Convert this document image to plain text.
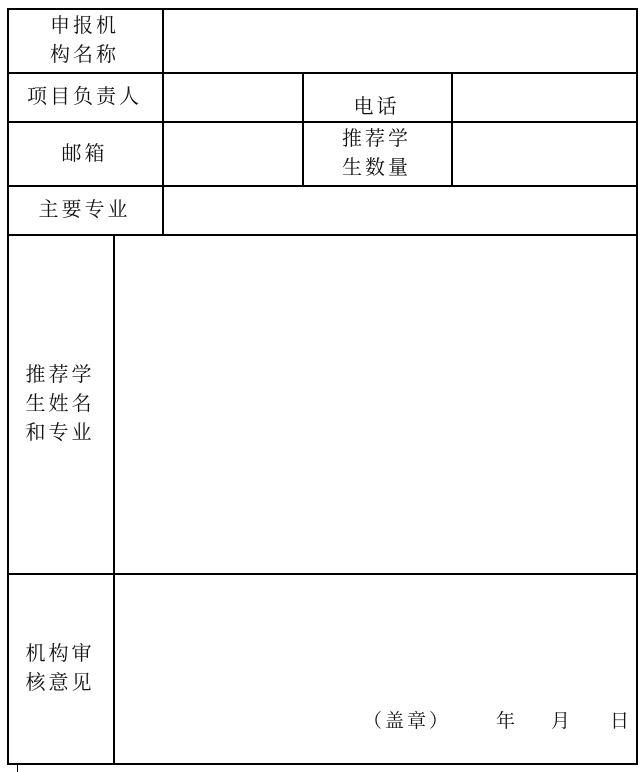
申报机
构名称
项目负责人	电话
邮箱
推荐学
生数量
主要专业
推荐学
生姓名
和专业
机构审
核意见
（盖章） 年 月 日
